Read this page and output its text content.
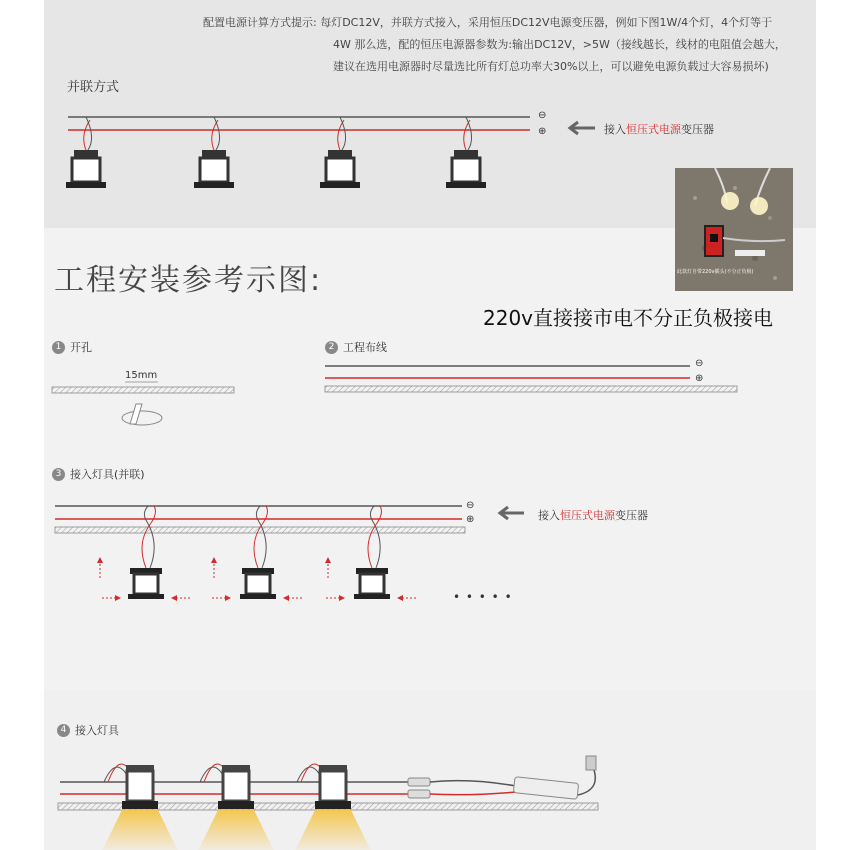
配置电源计算方式提示: 每灯DC12V，并联方式接入，采用恒压DC12V电源变压器，例如下图1W/4个灯，4个灯等于
4W 那么选，配的恒压电源器参数为:输出DC12V，>5W（接线越长，线材的电阻值会越大，
建议在选用电源器时尽量选比所有灯总功率大30%以上，可以避免电源负载过大容易损坏)
并联方式
⊖
⊕	接入恒压式电源变压器
此款灯自带220v插头(不分正负极)
工程安装参考示图:
220v直接接市电不分正负极接电
1 开孔	2 工程布线
3 接入灯具(并联)
4 接入灯具
15mm
⊖
⊕
⊖
⊕	接入恒压式电源变压器
• • • • •
